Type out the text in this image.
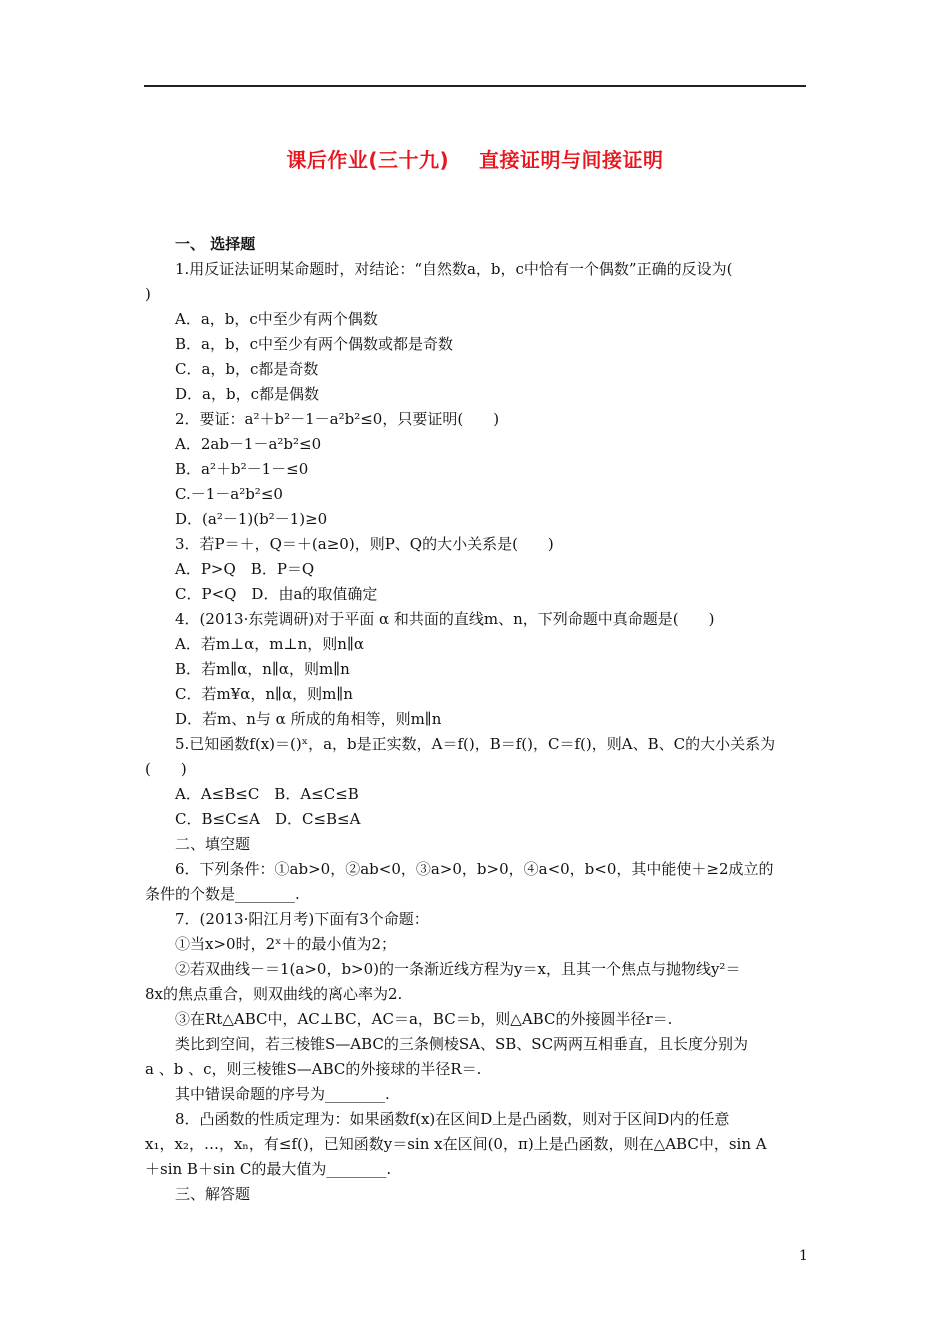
课后作业(三十九)    直接证明与间接证明
一、 选择题
1.用反证法证明某命题时，对结论：“自然数a，b，c中恰有一个偶数”正确的反设为(
)
A．a，b，c中至少有两个偶数
B．a，b，c中至少有两个偶数或都是奇数
C．a，b，c都是奇数
D．a，b，c都是偶数
2．要证：a²＋b²－1－a²b²≤0，只要证明(　　)
A．2ab－1－a²b²≤0
B．a²＋b²－1－≤0
C.－1－a²b²≤0
D．(a²－1)(b²－1)≥0
3．若P＝＋，Q＝＋(a≥0)，则P、Q的大小关系是(　　)
A．P>Q　B．P＝Q
C．P<Q　D．由a的取值确定
4．(2013·东莞调研)对于平面 α 和共面的直线m、n，下列命题中真命题是(　　)
A．若m⊥α，m⊥n，则n∥α
B．若m∥α，n∥α，则m∥n
C．若m¥α，n∥α，则m∥n
D．若m、n与 α 所成的角相等，则m∥n
5.已知函数f(x)＝()ˣ，a，b是正实数，A＝f()，B＝f()，C＝f()，则A、B、C的大小关系为
(　　)
A．A≤B≤C　B．A≤C≤B
C．B≤C≤A　D．C≤B≤A
二、填空题
6．下列条件：①ab>0，②ab<0，③a>0，b>0，④a<0，b<0，其中能使＋≥2成立的
条件的个数是________.
7．(2013·阳江月考)下面有3个命题：
①当x>0时，2ˣ＋的最小值为2；
②若双曲线－＝1(a>0，b>0)的一条渐近线方程为y＝x，且其一个焦点与抛物线y²＝
8x的焦点重合，则双曲线的离心率为2.
③在Rt△ABC中，AC⊥BC，AC＝a，BC＝b，则△ABC的外接圆半径r＝.
类比到空间，若三棱锥S—ABC的三条侧棱SA、SB、SC两两互相垂直，且长度分别为
a 、b 、c，则三棱锥S—ABC的外接球的半径R＝.
其中错误命题的序号为________.
8．凸函数的性质定理为：如果函数f(x)在区间D上是凸函数，则对于区间D内的任意
x₁，x₂，…，xₙ，有≤f()，已知函数y＝sin x在区间(0，π)上是凸函数，则在△ABC中，sin A
＋sin B＋sin C的最大值为________.
三、解答题
1
